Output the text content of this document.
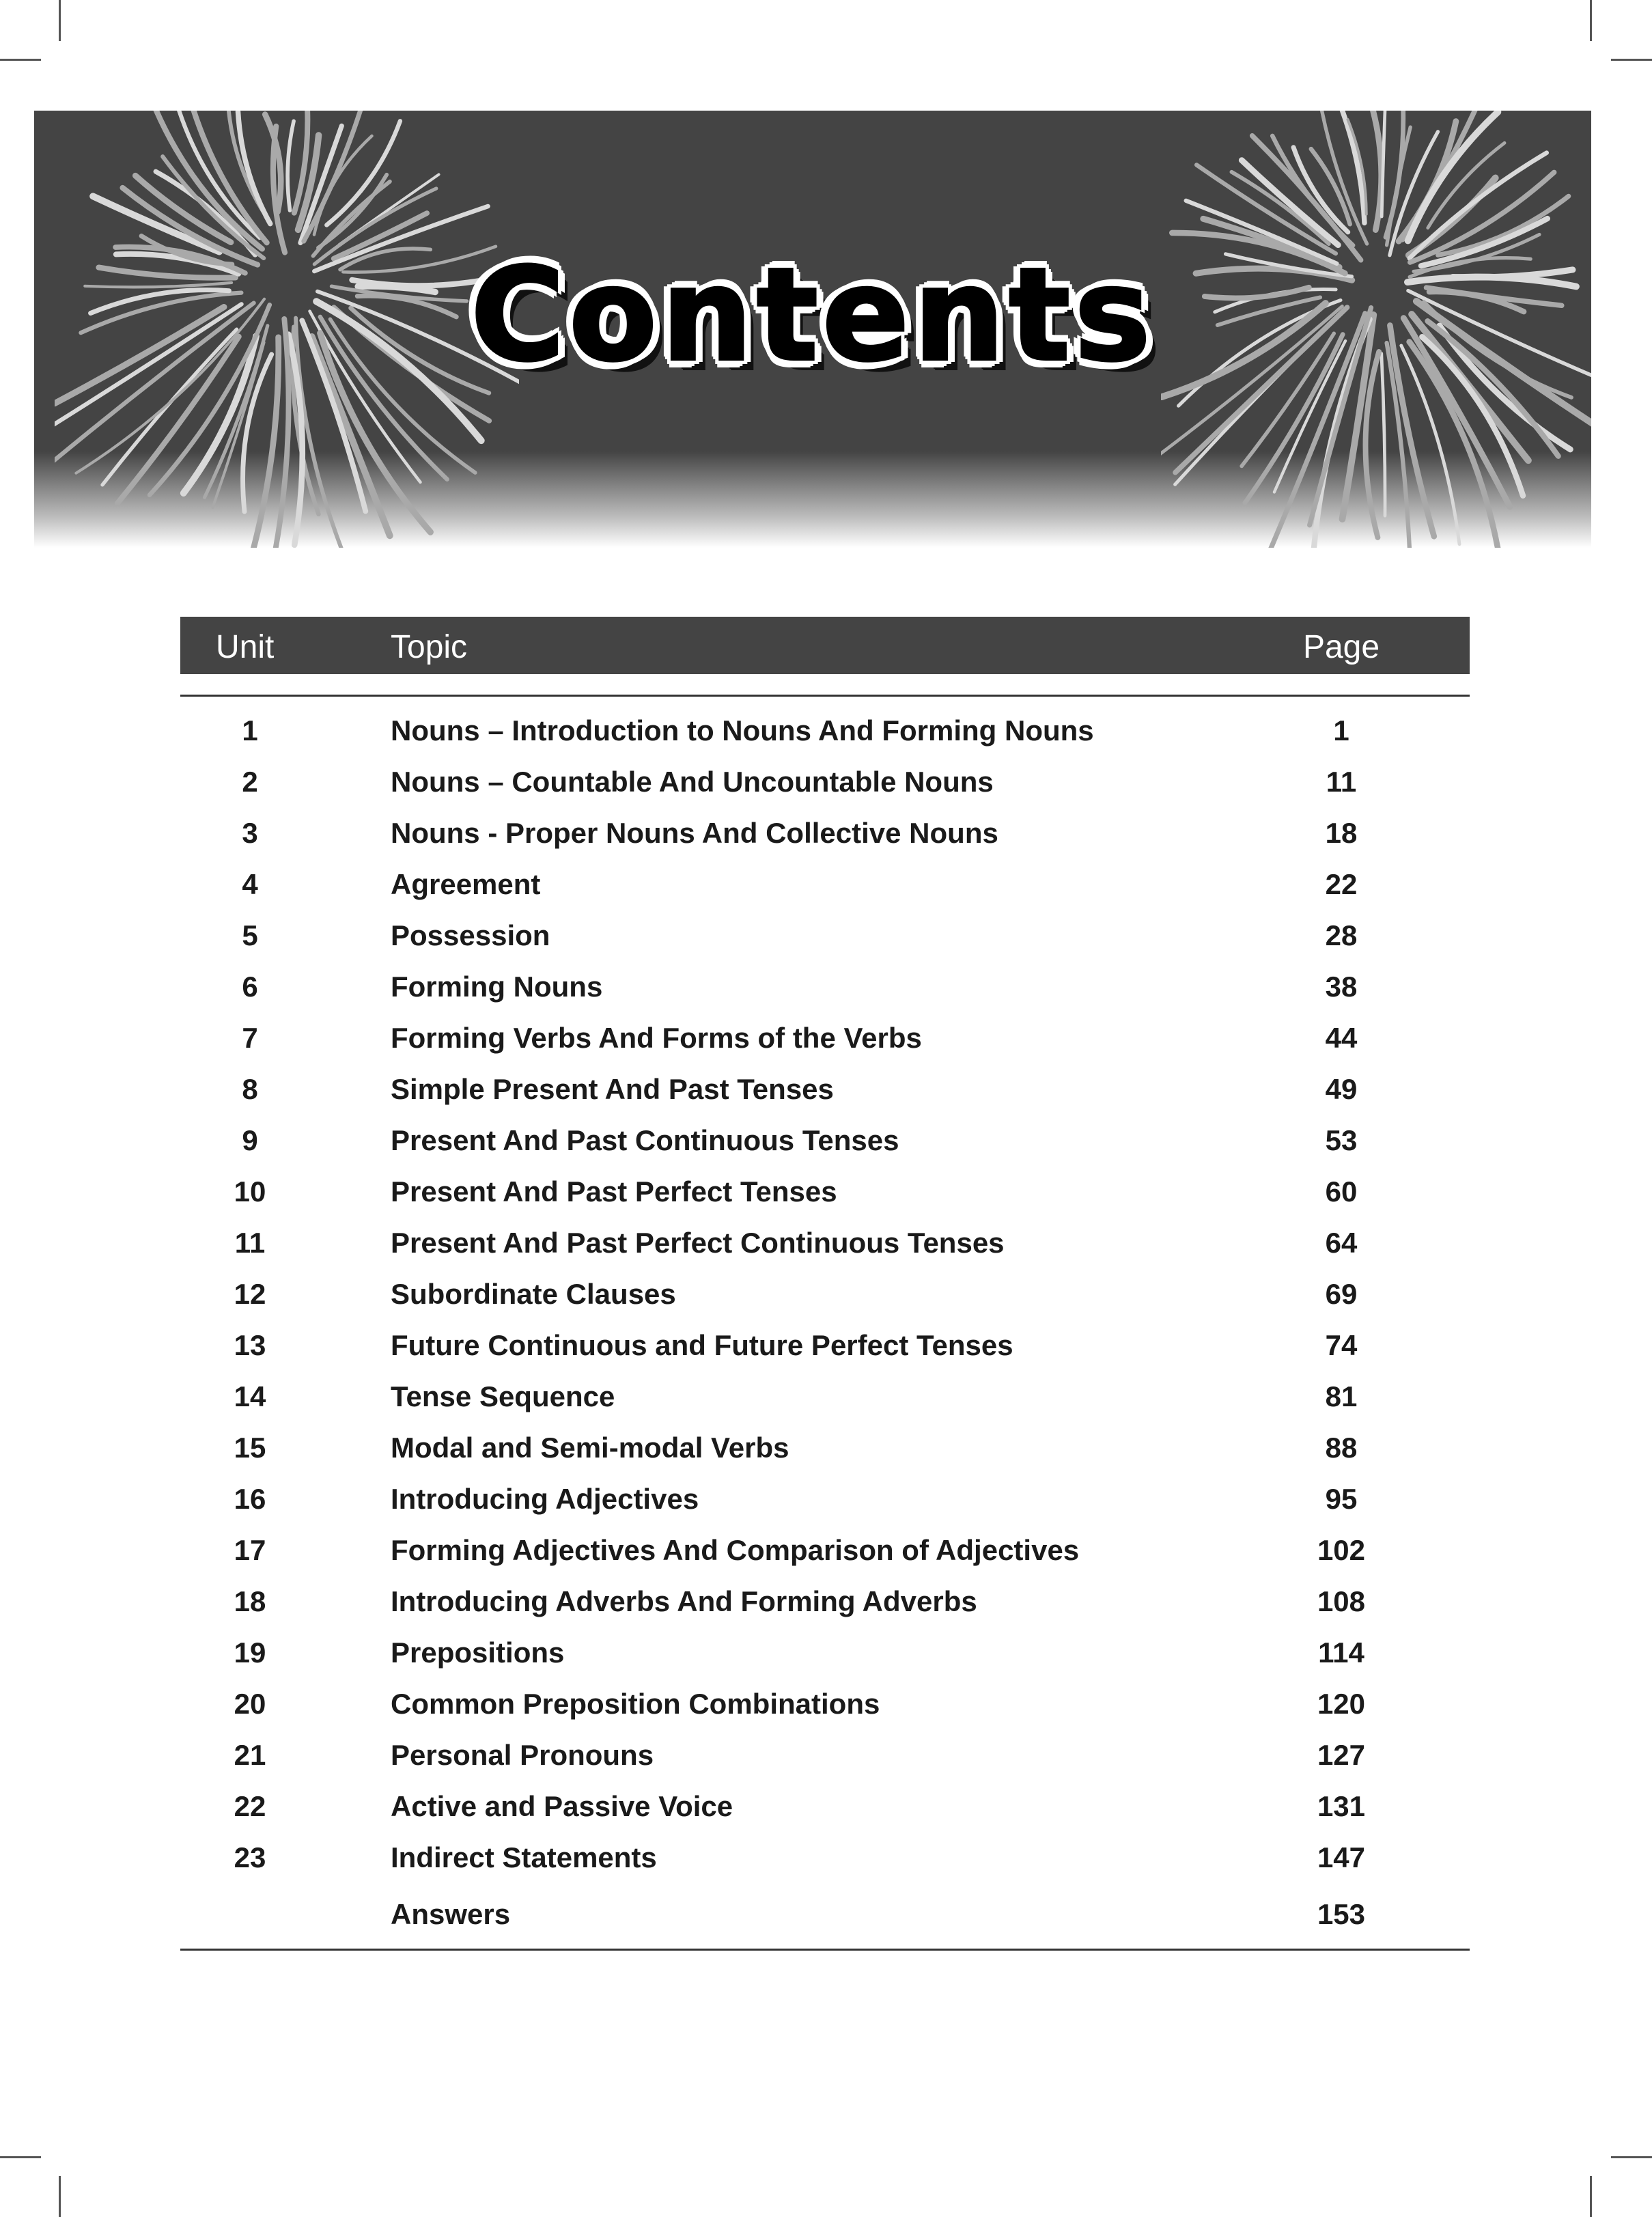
Contents
Unit	Topic	Page
1	Nouns – Introduction to Nouns And Forming Nouns	1
2	Nouns – Countable And Uncountable Nouns	11
3	Nouns - Proper Nouns And Collective Nouns	18
4	Agreement	22
5	Possession	28
6	Forming Nouns	38
7	Forming Verbs And Forms of the Verbs	44
8	Simple Present And Past Tenses	49
9	Present And Past Continuous Tenses	53
10	Present And Past Perfect Tenses	60
11	Present And Past Perfect Continuous Tenses	64
12	Subordinate Clauses	69
13	Future Continuous and Future Perfect Tenses	74
14	Tense Sequence	81
15	Modal and Semi-modal Verbs	88
16	Introducing Adjectives	95
17	Forming Adjectives And Comparison of Adjectives	102
18	Introducing Adverbs And Forming Adverbs	108
19	Prepositions	114
20	Common Preposition Combinations	120
21	Personal Pronouns	127
22	Active and Passive Voice	131
23	Indirect Statements	147
Answers	153
